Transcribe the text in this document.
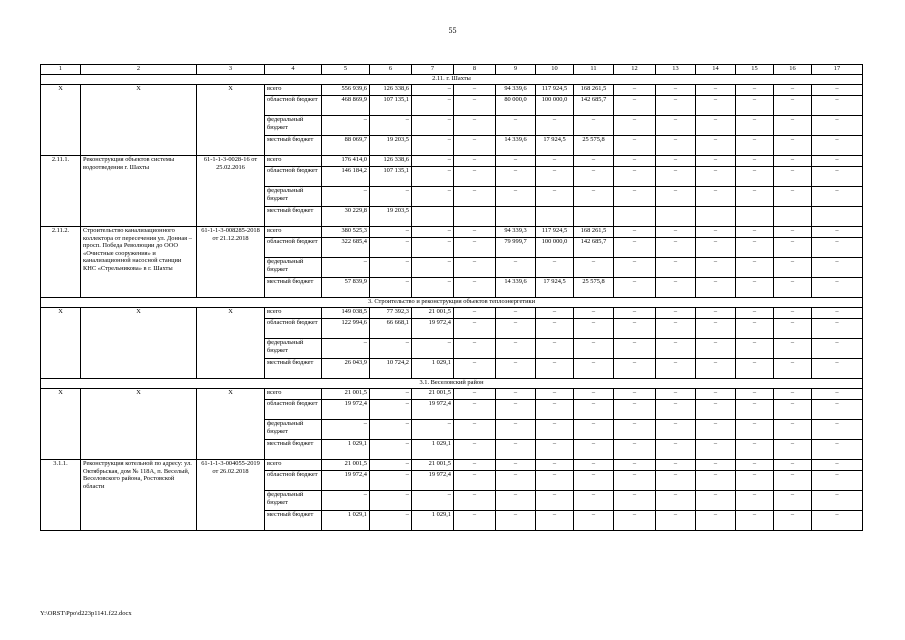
55
1	2	3	4	5	6	7	8	9	10	11	12	13	14	15	16	17
2.11. г. Шахты																
X	X	X	всего	556 939,6	126 338,6	–	–	94 339,6	117 924,5	168 261,5	–	–	–	–	–	–
			областной бюджет	468 869,9	107 135,1	–	–	80 000,0	100 000,0	142 685,7	–	–	–	–	–	–
			федеральный бюджет	–	–	–	–	–	–	–	–	–	–	–	–	–
			местный бюджет	88 069,7	19 203,5	–	–	14 339,6	17 924,5	25 575,8	–	–	–	–	–	–
2.11.1.	Реконструкция объектов системы водоотведения г. Шахты	61-1-1-3-0028-16 от 25.02.2016	всего	176 414,0	126 338,6	–	–	–	–	–	–	–	–	–	–	–
			областной бюджет	146 184,2	107 135,1	–	–	–	–	–	–	–	–	–	–	–
			федеральный бюджет	–	–	–	–	–	–	–	–	–	–	–	–	–
			местный бюджет	30 229,8	19 203,5											
2.11.2.	Строительство канализационного коллектора от пересечения ул. Донная – просп. Победа Революции до ООО «Очистные сооружения» и канализационной насосной станции КНС «Стрельникова» в г. Шахты	61-1-1-3-008285-2018 от 21.12.2018	всего	380 525,3	–	–	–	94 339,3	117 924,5	168 261,5	–	–	–	–	–	–
			областной бюджет	322 685,4	–	–	–	79 999,7	100 000,0	142 685,7	–	–	–	–	–	–
			федеральный бюджет	–	–	–	–	–	–	–	–	–	–	–	–	–
			местный бюджет	57 839,9	–	–	–	14 339,6	17 924,5	25 575,8	–	–	–	–	–	–
3. Строительство и реконструкция объектов теплоэнергетики																
X	X	X	всего	149 038,5	77 392,3	21 001,5	–	–	–	–	–	–	–	–	–	–
			областной бюджет	122 994,6	66 668,1	19 972,4	–	–	–	–	–	–	–	–	–	–
			федеральный бюджет	–	–	–	–	–	–	–	–	–	–	–	–	–
			местный бюджет	26 043,9	10 724,2	1 029,1	–	–	–	–	–	–	–	–	–	–
3.1. Веселовский район																
X	X	X	всего	21 001,5	–	21 001,5	–	–	–	–	–	–	–	–	–	–
			областной бюджет	19 972,4	–	19 972,4	–	–	–	–	–	–	–	–	–	–
			федеральный бюджет	–	–	–	–	–	–	–	–	–	–	–	–	–
			местный бюджет	1 029,1	–	1 029,1	–	–	–	–	–	–	–	–	–	–
3.1.1.	Реконструкция котельной по адресу: ул. Октябрьская, дом № 118А, п. Веселый, Веселовского района, Ростовской области	61-1-1-3-004055-2019 от 26.02.2018	всего	21 001,5	–	21 001,5	–	–	–	–	–	–	–	–	–	–
			областной бюджет	19 972,4	–	19 972,4	–	–	–	–	–	–	–	–	–	–
			федеральный бюджет	–	–	–	–	–	–	–	–	–	–	–	–	–
			местный бюджет	1 029,1	–	1 029,1	–	–	–	–	–	–	–	–	–	–
Y:\ORST\Ppo\d223p1141.f22.docx
